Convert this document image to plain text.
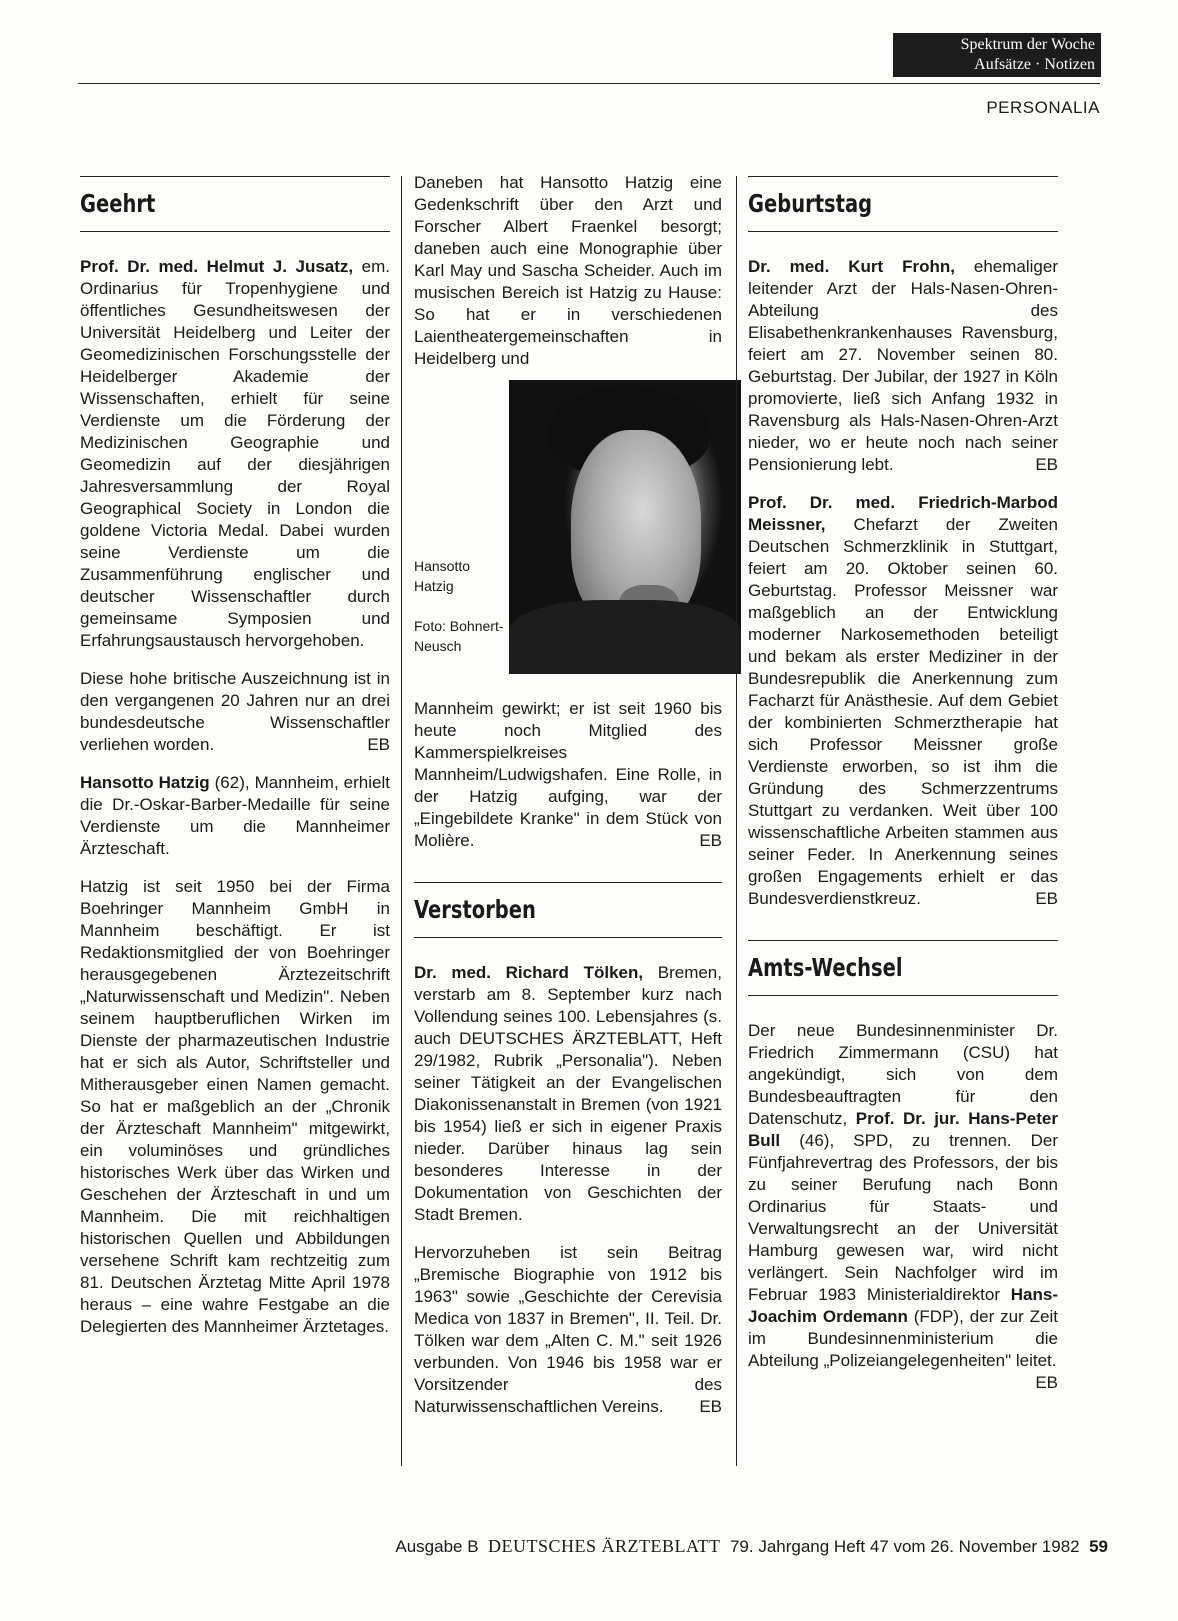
Spektrum der Woche
Aufsätze · Notizen
PERSONALIA
Geehrt

Prof. Dr. med. Helmut J. Jusatz, em. Ordinarius für Tropenhygiene und öffentliches Gesundheitswesen der Universität Heidelberg und Leiter der Geomedizinischen Forschungsstelle der Heidelberger Akademie der Wissenschaften, erhielt für seine Verdienste um die Förderung der Medizinischen Geographie und Geomedizin auf der diesjährigen Jahresversammlung der Royal Geographical Society in London die goldene Victoria Medal. Dabei wurden seine Verdienste um die Zusammenführung englischer und deutscher Wissenschaftler durch gemeinsame Symposien und Erfahrungsaustausch hervorgehoben.

Diese hohe britische Auszeichnung ist in den vergangenen 20 Jahren nur an drei bundesdeutsche Wissenschaftler verliehen worden.	EB

Hansotto Hatzig (62), Mannheim, erhielt die Dr.-Oskar-Barber-Medaille für seine Verdienste um die Mannheimer Ärzteschaft.

Hatzig ist seit 1950 bei der Firma Boehringer Mannheim GmbH in Mannheim beschäftigt. Er ist Redaktionsmitglied der von Boehringer herausgegebenen Ärztezeitschrift „Naturwissenschaft und Medizin". Neben seinem hauptberuflichen Wirken im Dienste der pharmazeutischen Industrie hat er sich als Autor, Schriftsteller und Mitherausgeber einen Namen gemacht. So hat er maßgeblich an der „Chronik der Ärzteschaft Mannheim" mitgewirkt, ein voluminöses und gründliches historisches Werk über das Wirken und Geschehen der Ärzteschaft in und um Mannheim. Die mit reichhaltigen historischen Quellen und Abbildungen versehene Schrift kam rechtzeitig zum 81. Deutschen Ärztetag Mitte April 1978 heraus – eine wahre Festgabe an die Delegierten des Mannheimer Ärztetages.

Daneben hat Hansotto Hatzig eine Gedenkschrift über den Arzt und Forscher Albert Fraenkel besorgt; daneben auch eine Monographie über Karl May und Sascha Scheider. Auch im musischen Bereich ist Hatzig zu Hause: So hat er in verschiedenen Laientheatergemeinschaften in Heidelberg und

Hansotto Hatzig
Foto: Bohnert-Neusch

Mannheim gewirkt; er ist seit 1960 bis heute noch Mitglied des Kammerspielkreises Mannheim/Ludwigshafen. Eine Rolle, in der Hatzig aufging, war der „Eingebildete Kranke" in dem Stück von Molière.	EB

Verstorben

Dr. med. Richard Tölken, Bremen, verstarb am 8. September kurz nach Vollendung seines 100. Lebensjahres (s. auch DEUTSCHES ÄRZTEBLATT, Heft 29/1982, Rubrik „Personalia"). Neben seiner Tätigkeit an der Evangelischen Diakonissenanstalt in Bremen (von 1921 bis 1954) ließ er sich in eigener Praxis nieder. Darüber hinaus lag sein besonderes Interesse in der Dokumentation von Geschichten der Stadt Bremen.

Hervorzuheben ist sein Beitrag „Bremische Biographie von 1912 bis 1963" sowie „Geschichte der Cerevisia Medica von 1837 in Bremen", II. Teil. Dr. Tölken war dem „Alten C. M." seit 1926 verbunden. Von 1946 bis 1958 war er Vorsitzender des Naturwissenschaftlichen Vereins. EB

Geburtstag

Dr. med. Kurt Frohn, ehemaliger leitender Arzt der Hals-Nasen-Ohren-Abteilung des Elisabethenkrankenhauses Ravensburg, feiert am 27. November seinen 80. Geburtstag. Der Jubilar, der 1927 in Köln promovierte, ließ sich Anfang 1932 in Ravensburg als Hals-Nasen-Ohren-Arzt nieder, wo er heute noch nach seiner Pensionierung lebt.	EB

Prof. Dr. med. Friedrich-Marbod Meissner, Chefarzt der Zweiten Deutschen Schmerzklinik in Stuttgart, feiert am 20. Oktober seinen 60. Geburtstag. Professor Meissner war maßgeblich an der Entwicklung moderner Narkosemethoden beteiligt und bekam als erster Mediziner in der Bundesrepublik die Anerkennung zum Facharzt für Anästhesie. Auf dem Gebiet der kombinierten Schmerztherapie hat sich Professor Meissner große Verdienste erworben, so ist ihm die Gründung des Schmerzzentrums Stuttgart zu verdanken. Weit über 100 wissenschaftliche Arbeiten stammen aus seiner Feder. In Anerkennung seines großen Engagements erhielt er das Bundesverdienstkreuz.	EB

Amts-Wechsel

Der neue Bundesinnenminister Dr. Friedrich Zimmermann (CSU) hat angekündigt, sich von dem Bundesbeauftragten für den Datenschutz, Prof. Dr. jur. Hans-Peter Bull (46), SPD, zu trennen. Der Fünfjahrevertrag des Professors, der bis zu seiner Berufung nach Bonn Ordinarius für Staats- und Verwaltungsrecht an der Universität Hamburg gewesen war, wird nicht verlängert. Sein Nachfolger wird im Februar 1983 Ministerialdirektor Hans-Joachim Ordemann (FDP), der zur Zeit im Bundesinnenministerium die Abteilung „Polizeiangelegenheiten" leitet.
EB

Ausgabe B DEUTSCHES ÄRZTEBLATT 79. Jahrgang Heft 47 vom 26. November 1982 59
